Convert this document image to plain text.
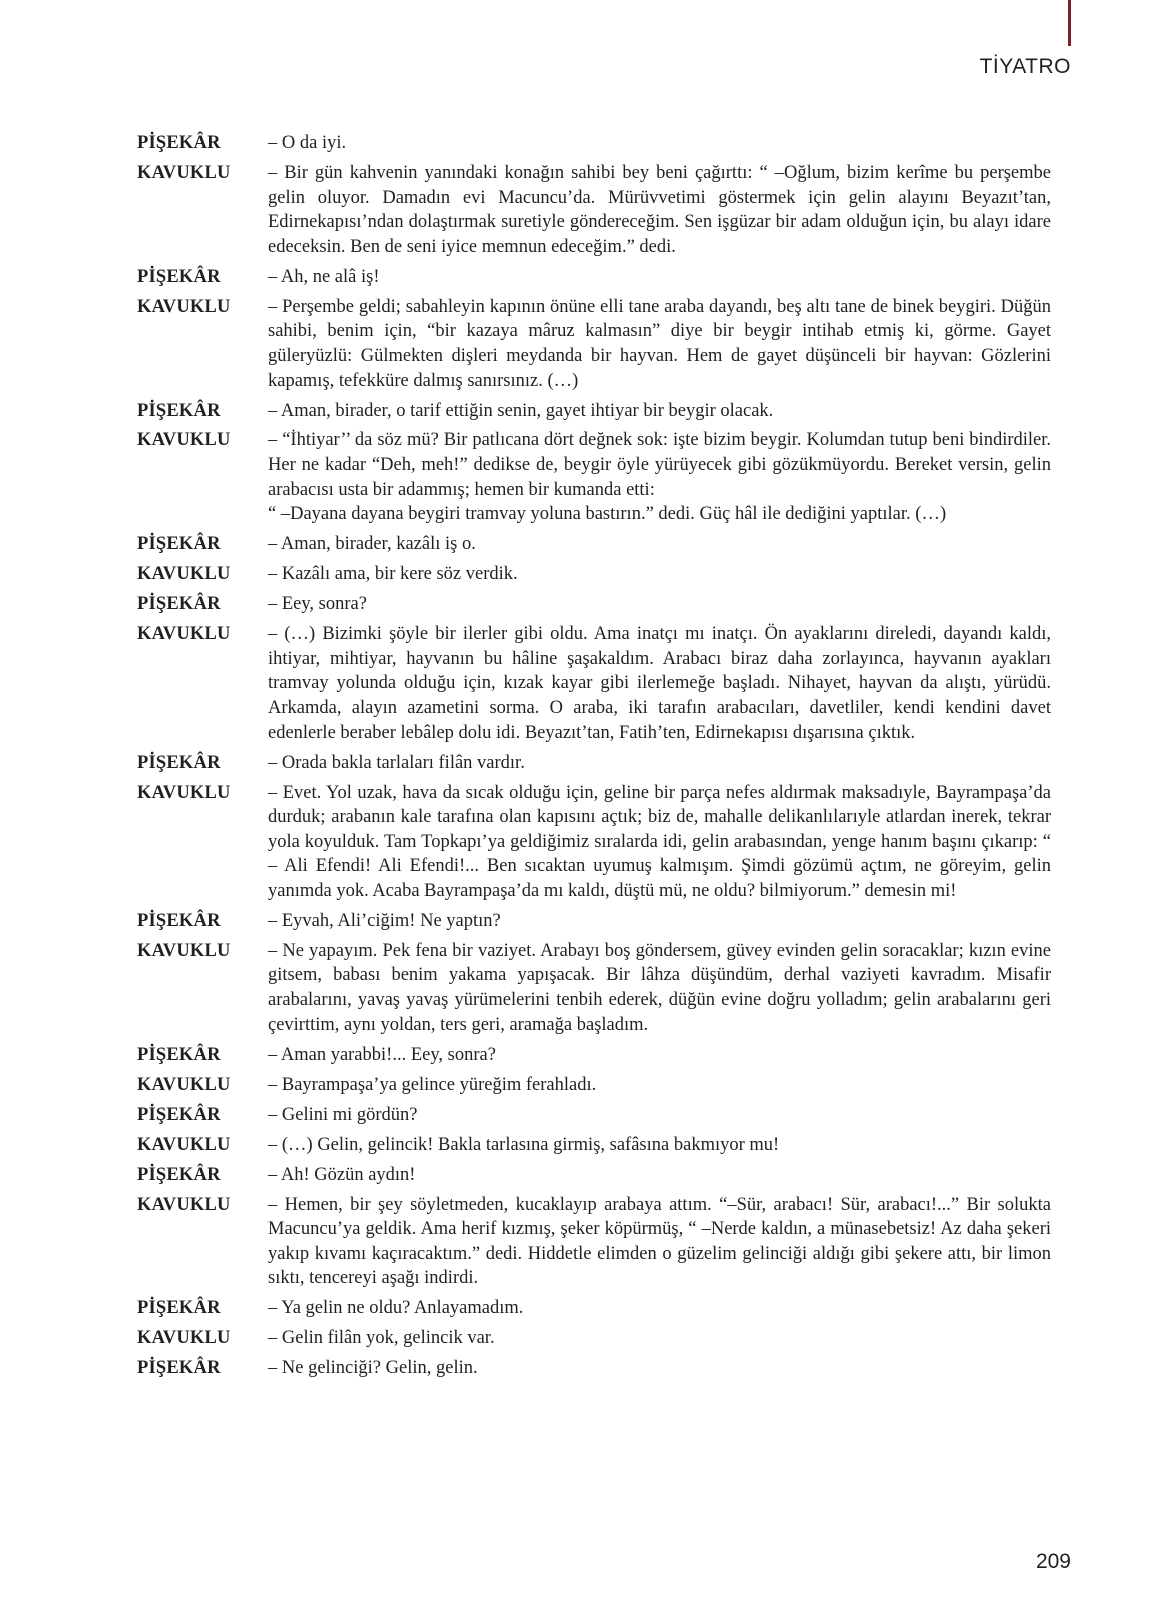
TİYATRO
PİŞEKÂR	– O da iyi.
KAVUKLU – Bir gün kahvenin yanındaki konağın sahibi bey beni çağırttı: “ –Oğlum, bizim kerîme bu perşembe gelin oluyor. Damadın evi Macuncu’da. Mürüvvetimi göstermek için gelin alayını Beyazıt’tan, Edirnekapısı’ndan dolaştırmak suretiyle göndereceğim. Sen işgüzar bir adam olduğun için, bu alayı idare edeceksin. Ben de seni iyice memnun edeceğim.” dedi.
PİŞEKÂR	– Ah, ne alâ iş!
KAVUKLU – Perşembe geldi; sabahleyin kapının önüne elli tane araba dayandı, beş altı tane de binek beygiri. Düğün sahibi, benim için, “bir kazaya mâruz kalmasın” diye bir beygir intihab etmiş ki, görme. Gayet güleryüzlü: Gülmekten dişleri meydanda bir hayvan. Hem de gayet düşünceli bir hayvan: Gözlerini kapamış, tefekküre dalmış sanırsınız. (…)
PİŞEKÂR	– Aman, birader, o tarif ettiğin senin, gayet ihtiyar bir beygir olacak.
KAVUKLU – “İhtiyar’’ da söz mü? Bir patlıcana dört değnek sok: işte bizim beygir. Kolumdan tutup beni bindirdiler. Her ne kadar “Deh, meh!” dedikse de, beygir öyle yürüyecek gibi gözükmüyordu. Bereket versin, gelin arabacısı usta bir adammış; hemen bir kumanda etti:
“ –Dayana dayana beygiri tramvay yoluna bastırın.” dedi. Güç hâl ile dediğini yaptılar. (…)
PİŞEKÂR	– Aman, birader, kazâlı iş o.
KAVUKLU – Kazâlı ama, bir kere söz verdik.
PİŞEKÂR	– Eey, sonra?
KAVUKLU – (…) Bizimki şöyle bir ilerler gibi oldu. Ama inatçı mı inatçı. Ön ayaklarını direledi, dayandı kaldı, ihtiyar, mihtiyar, hayvanın bu hâline şaşakaldım. Arabacı biraz daha zorlayınca, hayvanın ayakları tramvay yolunda olduğu için, kızak kayar gibi ilerlemeğe başladı. Nihayet, hayvan da alıştı, yürüdü. Arkamda, alayın azametini sorma. O araba, iki tarafın arabacıları, davetliler, kendi kendini davet edenlerle beraber lebâlep dolu idi. Beyazıt’tan, Fatih’ten, Edirnekapısı dışarısına çıktık.
PİŞEKÂR	– Orada bakla tarlaları filân vardır.
KAVUKLU – Evet. Yol uzak, hava da sıcak olduğu için, geline bir parça nefes aldırmak maksadıyle, Bayrampaşa’da durduk; arabanın kale tarafına olan kapısını açtık; biz de, mahalle delikanlılarıyle atlardan inerek, tekrar yola koyulduk. Tam Topkapı’ya geldiğimiz sıralarda idi, gelin arabasından, yenge hanım başını çıkarıp: “ – Ali Efendi! Ali Efendi!... Ben sıcaktan uyumuş kalmışım. Şimdi gözümü açtım, ne göreyim, gelin yanımda yok. Acaba Bayrampaşa’da mı kaldı, düştü mü, ne oldu? bilmiyorum.” demesin mi!
PİŞEKÂR	– Eyvah, Ali’ciğim! Ne yaptın?
KAVUKLU – Ne yapayım. Pek fena bir vaziyet. Arabayı boş göndersem, güvey evinden gelin soracaklar; kızın evine gitsem, babası benim yakama yapışacak. Bir lâhza düşündüm, derhal vaziyeti kavradım. Misafir arabalarını, yavaş yavaş yürümelerini tenbih ederek, düğün evine doğru yolladım; gelin arabalarını geri çevirttim, aynı yoldan, ters geri, aramağa başladım.
PİŞEKÂR	– Aman yarabbi!... Eey, sonra?
KAVUKLU – Bayrampaşa’ya gelince yüreğim ferahladı.
PİŞEKÂR	– Gelini mi gördün?
KAVUKLU – (…) Gelin, gelincik! Bakla tarlasına girmiş, safâsına bakmıyor mu!
PİŞEKÂR	– Ah! Gözün aydın!
KAVUKLU – Hemen, bir şey söyletmeden, kucaklayıp arabaya attım. “–Sür, arabacı! Sür, arabacı!...” Bir solukta Macuncu’ya geldik. Ama herif kızmış, şeker köpürmüş, “ –Nerde kaldın, a münasebetsiz! Az daha şekeri yakıp kıvamı kaçıracaktım.” dedi. Hiddetle elimden o güzelim gelinciği aldığı gibi şekere attı, bir limon sıktı, tencereyi aşağı indirdi.
PİŞEKÂR	– Ya gelin ne oldu? Anlayamadım.
KAVUKLU – Gelin filân yok, gelincik var.
PİŞEKÂR	– Ne gelinciği? Gelin, gelin.
209
